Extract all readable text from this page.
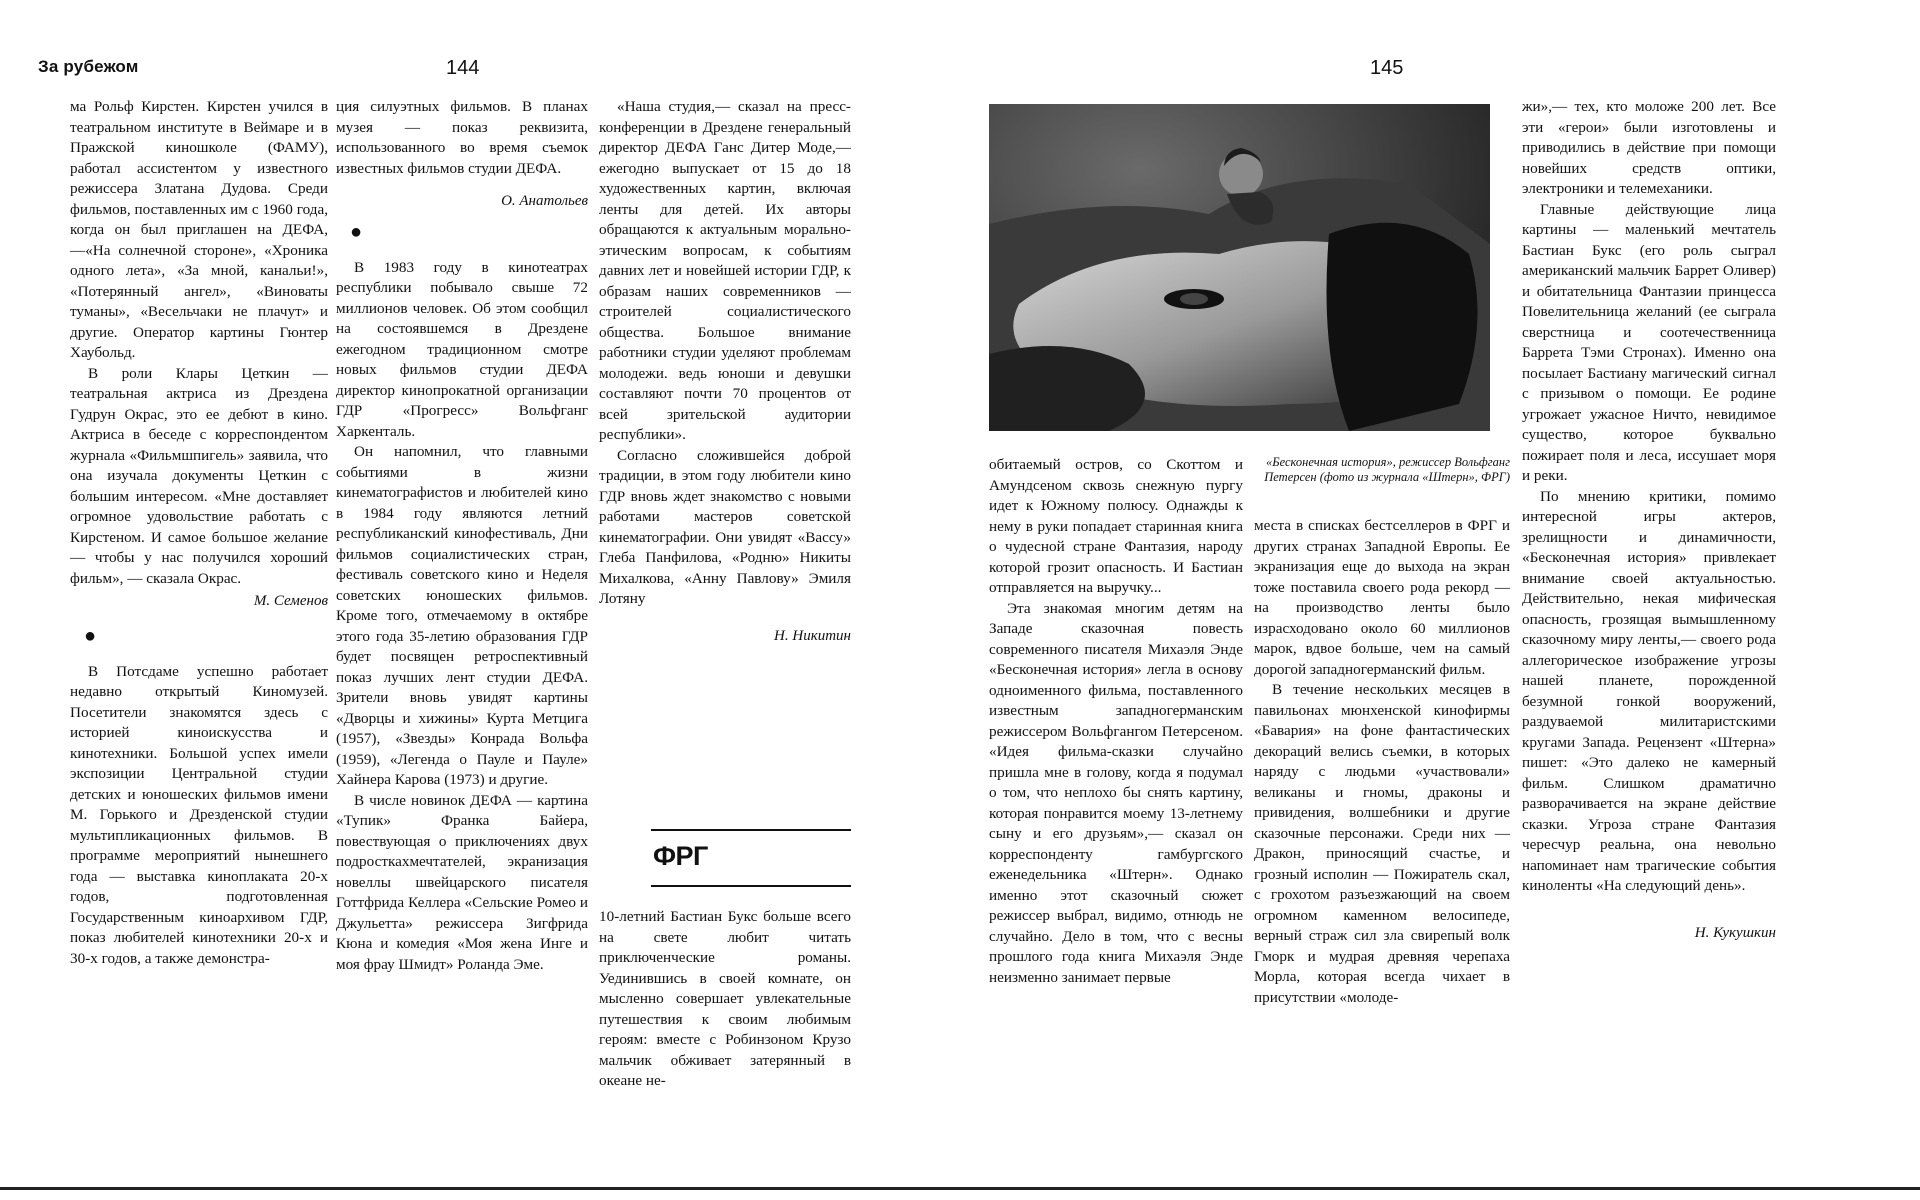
За рубежом	144	145

ма Рольф Кирстен. Кирстен учился в театральном институте в Веймаре и в Пражской киношколе (ФАМУ), работал ассистентом у известного режиссера Златана Дудова. Среди фильмов, поставленных им с 1960 года, когда он был приглашен на ДЕФА,—«На солнечной стороне», «Хроника одного лета», «За мной, канальи!», «Потерянный ангел», «Виноваты туманы», «Весельчаки не плачут» и другие. Оператор картины Гюнтер Хаубольд.

В роли Клары Цеткин — театральная актриса из Дрездена Гудрун Окрас, это ее дебют в кино. Актриса в беседе с корреспондентом журнала «Фильмшпигель» заявила, что она изучала документы Цеткин с большим интересом. «Мне доставляет огромное удовольствие работать с Кирстеном. И самое большое желание — чтобы у нас получился хороший фильм», — сказала Окрас.

М. Семенов
●

В Потсдаме успешно работает недавно открытый Киномузей. Посетители знакомятся здесь с историей киноискусства и кинотехники. Большой успех имели экспозиции Центральной студии детских и юношеских фильмов имени М. Горького и Дрезденской студии мультипликационных фильмов. В программе мероприятий нынешнего года — выставка киноплаката 20-х годов, подготовленная Государственным киноархивом ГДР, показ любителей кинотехники 20-х и 30-х годов, а также демонстра-

ция силуэтных фильмов. В планах музея — показ реквизита, использованного во время съемок известных фильмов студии ДЕФА.

О. Анатольев
●

В 1983 году в кинотеатрах республики побывало свыше 72 миллионов человек. Об этом сообщил на состоявшемся в Дрездене ежегодном традиционном смотре новых фильмов студии ДЕФА директор кинопрокатной организации ГДР «Прогресс» Вольфганг Харкенталь.

Он напомнил, что главными событиями в жизни кинематографистов и любителей кино в 1984 году являются летний республиканский кинофестиваль, Дни фильмов социалистических стран, фестиваль советского кино и Неделя советских юношеских фильмов. Кроме того, отмечаемому в октябре этого года 35-летию образования ГДР будет посвящен ретроспективный показ лучших лент студии ДЕФА. Зрители вновь увидят картины «Дворцы и хижины» Курта Метцига (1957), «Звезды» Конрада Вольфа (1959), «Легенда о Пауле и Пауле» Хайнера Карова (1973) и другие.

В числе новинок ДЕФА — картина «Тупик» Франка Байера, повествующая о приключениях двух подросткахмечтателей, экранизация новеллы швейцарского писателя Готтфрида Келлера «Сельские Ромео и Джульетта» режиссера Зигфрида Кюна и комедия «Моя жена Инге и моя фрау Шмидт» Роланда Эме.

«Наша студия,— сказал на пресс-конференции в Дрездене генеральный директор ДЕФА Ганс Дитер Моде,— ежегодно выпускает от 15 до 18 художественных картин, включая ленты для детей. Их авторы обращаются к актуальным морально-этическим вопросам, к событиям давних лет и новейшей истории ГДР, к образам наших современников — строителей социалистического общества. Большое внимание работники студии уделяют проблемам молодежи. ведь юноши и девушки составляют почти 70 процентов от всей зрительской аудитории республики».

Согласно сложившейся доброй традиции, в этом году любители кино ГДР вновь ждет знакомство с новыми работами мастеров советской кинематографии. Они увидят «Вассу» Глеба Панфилова, «Родню» Никиты Михалкова, «Анну Павлову» Эмиля Лотяну

Н. Никитин
ФРГ

10-летний Бастиан Букс больше всего на свете любит читать приключенческие романы. Уединившись в своей комнате, он мысленно совершает увлекательные путешествия к своим любимым героям: вместе с Робинзоном Крузо мальчик обживает затерянный в океане не-

«Бесконечная история», режиссер Вольфганг Петерсен (фото из журнала «Штерн», ФРГ)

обитаемый остров, со Скоттом и Амундсеном сквозь снежную пургу идет к Южному полюсу. Однажды к нему в руки попадает старинная книга о чудесной стране Фантазия, народу которой грозит опасность. И Бастиан отправляется на выручку...

Эта знакомая многим детям на Западе сказочная повесть современного писателя Михаэля Энде «Бесконечная история» легла в основу одноименного фильма, поставленного известным западногерманским режиссером Вольфгангом Петерсеном. «Идея фильма-сказки случайно пришла мне в голову, когда я подумал о том, что неплохо бы снять картину, которая понравится моему 13-летнему сыну и его друзьям»,— сказал он корреспонденту гамбургского еженедельника «Штерн». Однако именно этот сказочный сюжет режиссер выбрал, видимо, отнюдь не случайно. Дело в том, что с весны прошлого года книга Михаэля Энде неизменно занимает первые

места в списках бестселлеров в ФРГ и других странах Западной Европы. Ее экранизация еще до выхода на экран тоже поставила своего рода рекорд — на производство ленты было израсходовано около 60 миллионов марок, вдвое больше, чем на самый дорогой западногерманский фильм.

В течение нескольких месяцев в павильонах мюнхенской кинофирмы «Бавария» на фоне фантастических декораций велись съемки, в которых наряду с людьми «участвовали» великаны и гномы, драконы и привидения, волшебники и другие сказочные персонажи. Среди них — Дракон, приносящий счастье, и грозный исполин — Пожиратель скал, с грохотом разъезжающий на своем огромном каменном велосипеде, верный страж сил зла свирепый волк Гморк и мудрая древняя черепаха Морла, которая всегда чихает в присутствии «молоде-

жи»,— тех, кто моложе 200 лет. Все эти «герои» были изготовлены и приводились в действие при помощи новейших средств оптики, электроники и телемеханики.

Главные действующие лица картины — маленький мечтатель Бастиан Букс (его роль сыграл американский мальчик Баррет Оливер) и обитательница Фантазии принцесса Повелительница желаний (ее сыграла сверстница и соотечественница Баррета Тэми Стронах). Именно она посылает Бастиану магический сигнал с призывом о помощи. Ее родине угрожает ужасное Ничто, невидимое существо, которое буквально пожирает поля и леса, иссушает моря и реки.

По мнению критики, помимо интересной игры актеров, зрелищности и динамичности, «Бесконечная история» привлекает внимание своей актуальностью. Действительно, некая мифическая опасность, грозящая вымышленному сказочному миру ленты,— своего рода аллегорическое изображение угрозы нашей планете, порожденной безумной гонкой вооружений, раздуваемой милитаристскими кругами Запада. Рецензент «Штерна» пишет: «Это далеко не камерный фильм. Слишком драматично разворачивается на экране действие сказки. Угроза стране Фантазия чересчур реальна, она невольно напоминает нам трагические события киноленты «На следующий день».

Н. Кукушкин
